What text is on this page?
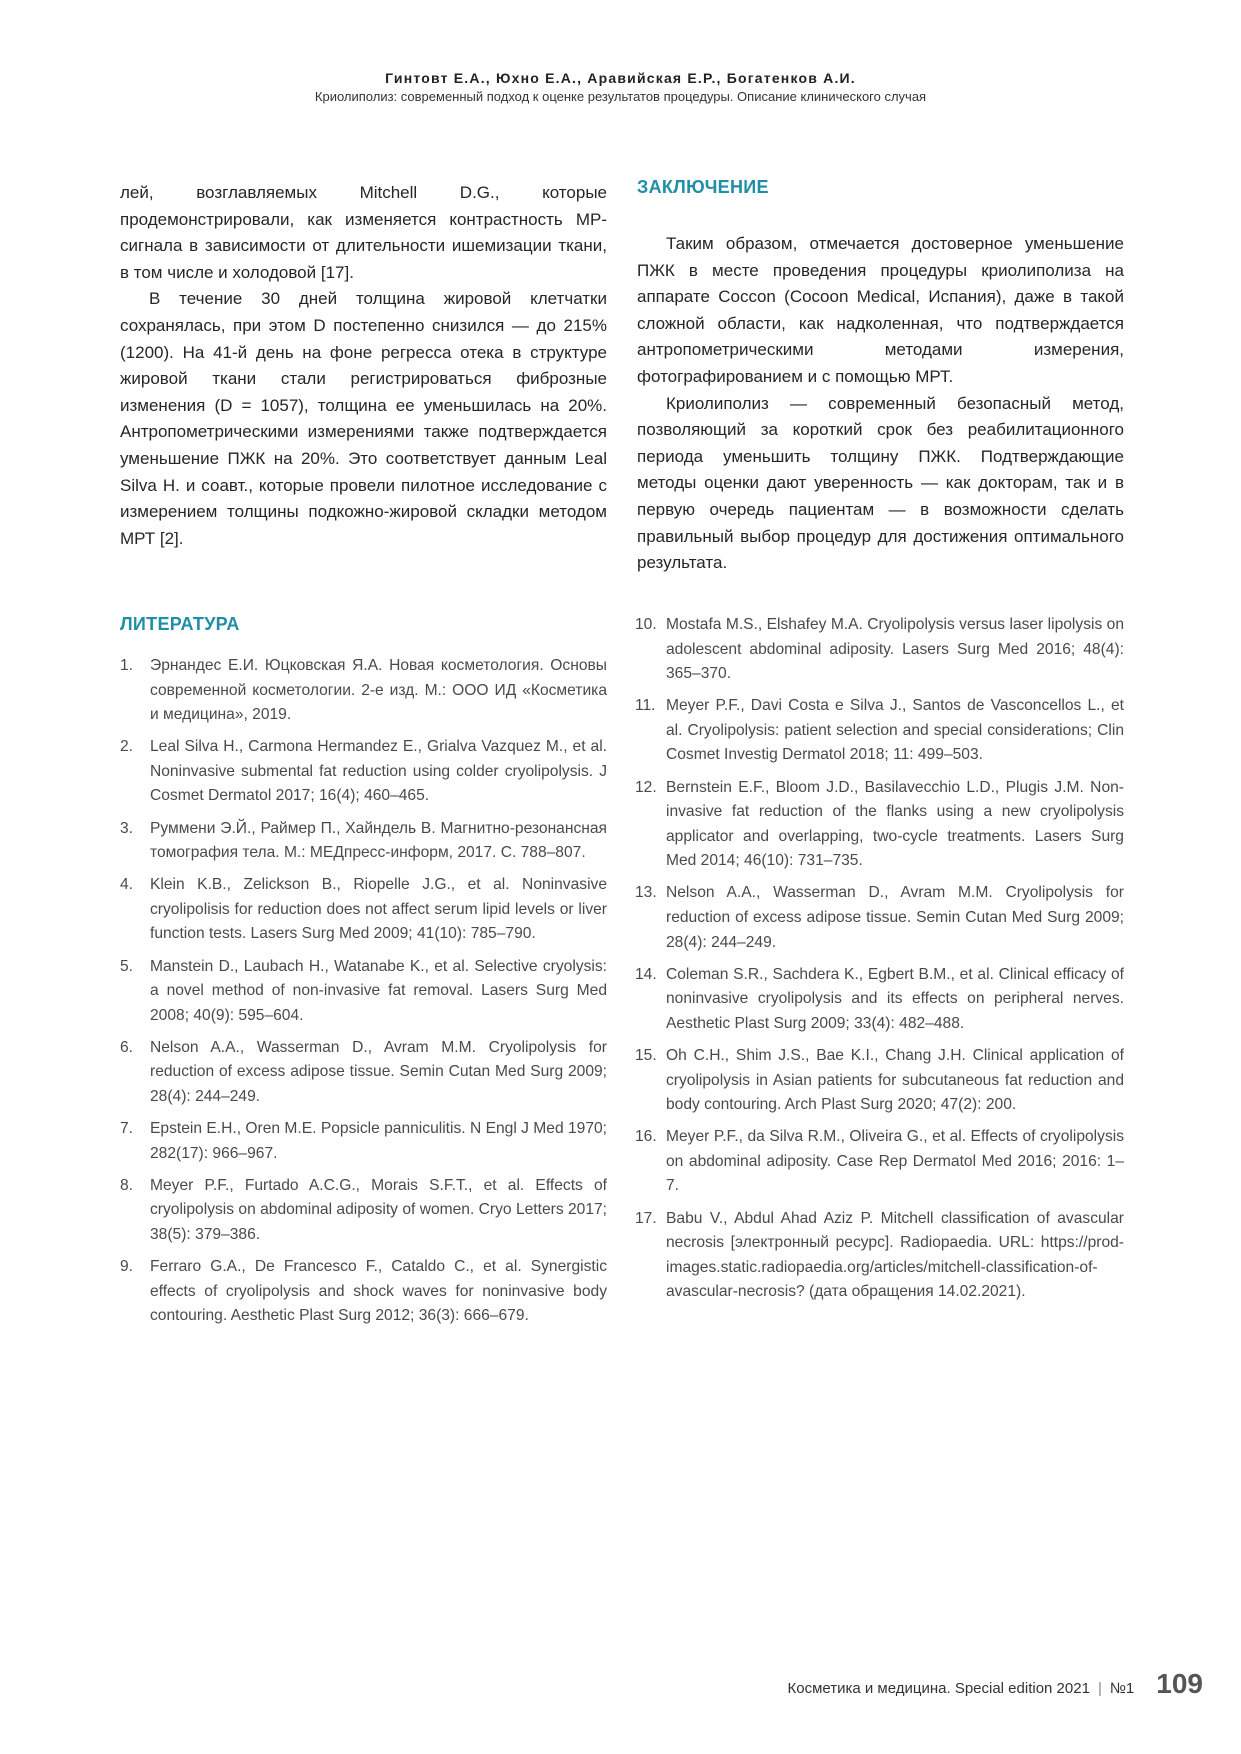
Гинтовт Е.А., Юхно Е.А., Аравийская Е.Р., Богатенков А.И.
Криолиполиз: современный подход к оценке результатов процедуры. Описание клинического случая

лей, возглавляемых Mitchell D.G., которые продемонстрировали, как изменяется контрастность МР-сигнала в зависимости от длительности ишемизации ткани, в том числе и холодовой [17].

В течение 30 дней толщина жировой клетчатки сохранялась, при этом D постепенно снизился — до 215% (1200). На 41-й день на фоне регресса отека в структуре жировой ткани стали регистрироваться фиброзные изменения (D = 1057), толщина ее уменьшилась на 20%. Антропометрическими измерениями также подтверждается уменьшение ПЖК на 20%. Это соответствует данным Leal Silva H. и соавт., которые провели пилотное исследование с измерением толщины подкожно-жировой складки методом МРТ [2].

ЗАКЛЮЧЕНИЕ

Таким образом, отмечается достоверное уменьшение ПЖК в месте проведения процедуры криолиполиза на аппарате Coccon (Cocoon Medical, Испания), даже в такой сложной области, как надколенная, что подтверждается антропометрическими методами измерения, фотографированием и с помощью МРТ.

Криолиполиз — современный безопасный метод, позволяющий за короткий срок без реабилитационного периода уменьшить толщину ПЖК. Подтверждающие методы оценки дают уверенность — как докторам, так и в первую очередь пациентам — в возможности сделать правильный выбор процедур для достижения оптимального результата.

ЛИТЕРАТУРА
1. Эрнандес Е.И. Юцковская Я.А. Новая косметология. Основы современной косметологии. 2-е изд. М.: ООО ИД «Косметика и медицина», 2019.
2. Leal Silva H., Carmona Hermandez E., Grialva Vazquez M., et al. Noninvasive submental fat reduction using colder cryolipolysis. J Cosmet Dermatol 2017; 16(4); 460–465.
3. Руммени Э.Й., Раймер П., Хайндель В. Магнитно-резонансная томография тела. М.: МЕДпресс-информ, 2017. С. 788–807.
4. Klein K.B., Zelickson B., Riopelle J.G., et al. Noninvasive cryolipolisis for reduction does not affect serum lipid levels or liver function tests. Lasers Surg Med 2009; 41(10): 785–790.
5. Manstein D., Laubach H., Watanabe K., et al. Selective cryolysis: a novel method of non-invasive fat removal. Lasers Surg Med 2008; 40(9): 595–604.
6. Nelson A.A., Wasserman D., Avram M.M. Cryolipolysis for reduction of excess adipose tissue. Semin Cutan Med Surg 2009; 28(4): 244–249.
7. Epstein E.H., Oren M.E. Popsicle panniculitis. N Engl J Med 1970; 282(17): 966–967.
8. Meyer P.F., Furtado A.C.G., Morais S.F.T., et al. Effects of cryolipolysis on abdominal adiposity of women. Cryo Letters 2017; 38(5): 379–386.
9. Ferraro G.A., De Francesco F., Cataldo C., et al. Synergistic effects of cryolipolysis and shock waves for noninvasive body contouring. Aesthetic Plast Surg 2012; 36(3): 666–679.
10. Mostafa M.S., Elshafey M.A. Cryolipolysis versus laser lipolysis on adolescent abdominal adiposity. Lasers Surg Med 2016; 48(4): 365–370.
11. Meyer P.F., Davi Costa e Silva J., Santos de Vasconcellos L., et al. Cryolipolysis: patient selection and special considerations; Clin Cosmet Investig Dermatol 2018; 11: 499–503.
12. Bernstein E.F., Bloom J.D., Basilavecchio L.D., Plugis J.M. Non-invasive fat reduction of the flanks using a new cryolipolysis applicator and overlapping, two-cycle treatments. Lasers Surg Med 2014; 46(10): 731–735.
13. Nelson A.A., Wasserman D., Avram M.M. Cryolipolysis for reduction of excess adipose tissue. Semin Cutan Med Surg 2009; 28(4): 244–249.
14. Coleman S.R., Sachdera K., Egbert B.M., et al. Clinical efficacy of noninvasive cryolipolysis and its effects on peripheral nerves. Aesthetic Plast Surg 2009; 33(4): 482–488.
15. Oh C.H., Shim J.S., Bae K.I., Chang J.H. Clinical application of cryolipolysis in Asian patients for subcutaneous fat reduction and body contouring. Arch Plast Surg 2020; 47(2): 200.
16. Meyer P.F., da Silva R.M., Oliveira G., et al. Effects of cryolipolysis on abdominal adiposity. Case Rep Dermatol Med 2016; 2016: 1–7.
17. Babu V., Abdul Ahad Aziz P. Mitchell classification of avascular necrosis [электронный ресурс]. Radiopaedia. URL: https://prod-images.static.radiopaedia.org/articles/mitchell-classification-of-avascular-necrosis? (дата обращения 14.02.2021).
Косметика и медицина. Special edition 2021 | №1 109
